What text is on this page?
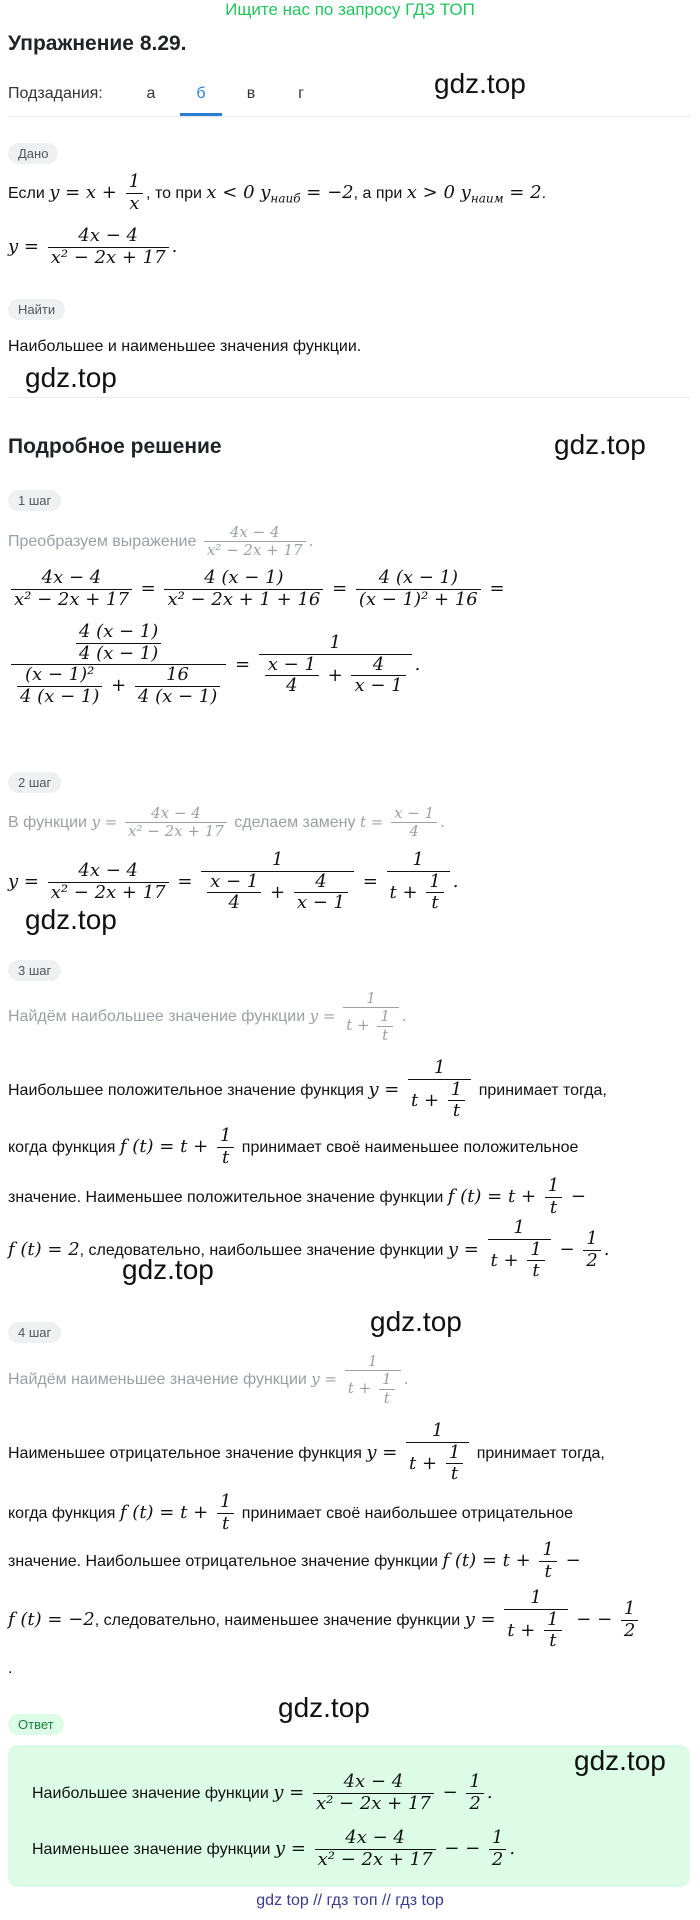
Ищите нас по запросу ГДЗ ТОП
Упражнение 8.29.
Подзадания:	а	б	в	г	gdz.top
Дано
Если $y = x + \frac{1}{x}$ , то при x < 0 $y_{наиб} = -2$, а при x > 0 $y_{наим} = 2$.
$y = \frac{4x - 4}{\text{x² − 2x + 17}}$ .
Найти
Наибольшее и наименьшее значения функции.
gdz.top
Подробное решение	gdz.top
1 шаг
Преобразуем выражение $\frac{4x - 4}{\text{x² − 2x + 17}}$ .
$\frac{4x - 4}{\text{x² − 2x + 17}} = \frac{4 (x - 1)}{\text{x² − 2x + 1 + 16}} = \frac{4 (x - 1)}{\text{(x − 1)² + 16}}$ =
$\frac{\frac{4 (x - 1)}{4 (x - 1)}}{\frac{\text{(x − 1)²}}{4 (x - 1)} + \frac{16}{4 (x - 1)}} = \frac{1}{\frac{x - 1}{4} + \frac{4}{x - 1}}$ .
2 шаг
В функции $y = \frac{4x - 4}{\text{x² − 2x + 17}}$ сделаем замену $t = \frac{x - 1}{4}$ .
$y = \frac{4x - 4}{\text{x² − 2x + 17}} = \frac{1}{\frac{x - 1}{4} + \frac{4}{x - 1}} = \frac{1}{t + \frac{1}{t}}$ .
gdz.top
3 шаг
Найдём наибольшее значение функции $y = \frac{1}{t + \frac{1}{t}}$ .
Наибольшее положительное значение функция $y = \frac{1}{t + \frac{1}{t}}$ принимает тогда,
когда функция f $(t) = t + \frac{1}{t}$ принимает своё наименьшее положительное
значение. Наименьшее положительное значение функции f $(t) = t + \frac{1}{t}$ −
f (t) = 2, следовательно, наибольшее значение функции $y = \frac{1}{t + \frac{1}{t}} - \frac{1}{2}$ .
gdz.top
gdz.top
4 шаг
Найдём наименьшее значение функции $y = \frac{1}{t + \frac{1}{t}}$ .
Наименьшее отрицательное значение функция $y = \frac{1}{t + \frac{1}{t}}$ принимает тогда,
когда функция f $(t) = t + \frac{1}{t}$ принимает своё наибольшее отрицательное
значение. Наибольшее отрицательное значение функции f $(t) = t + \frac{1}{t}$ −
f (t) = −2, следовательно, наименьшее значение функции $y = \frac{1}{t + \frac{1}{t}}$ − − $\frac{1}{2}$
.
gdz.top
Ответ
gdz.top
Наибольшее значение функции $y = \frac{4x - 4}{\text{x² − 2x + 17}} - \frac{1}{2}$ .
Наименьшее значение функции $y = \frac{4x - 4}{\text{x² − 2x + 17}}$ − − $\frac{1}{2}$ .
gdz top // гдз топ // гдз top
